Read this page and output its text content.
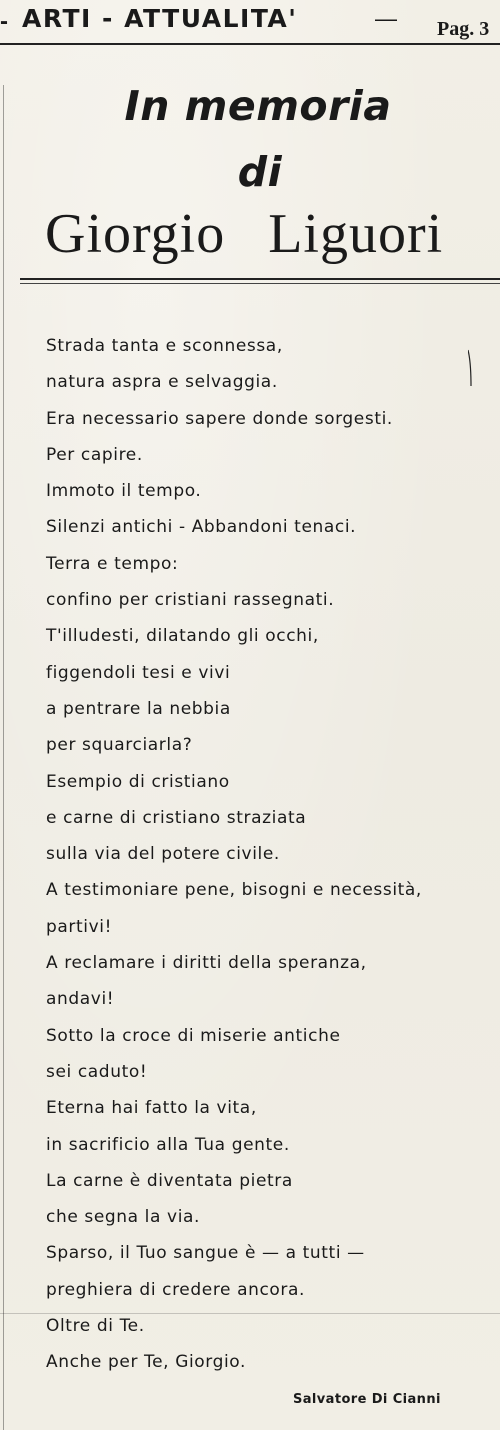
- ARTI - ATTUALITA'	— Pag. 3
In memoria
di
Giorgio Liguori
Strada tanta e sconnessa,
natura aspra e selvaggia.
Era necessario sapere donde sorgesti.
Per capire.
Immoto il tempo.
Silenzi antichi - Abbandoni tenaci.
Terra e tempo:
confino per cristiani rassegnati.
T'illudesti, dilatando gli occhi,
figgendoli tesi e vivi
a pentrare la nebbia
per squarciarla?
Esempio di cristiano
e carne di cristiano straziata
sulla via del potere civile.
A testimoniare pene, bisogni e necessità,
partivi!
A reclamare i diritti della speranza,
andavi!
Sotto la croce di miserie antiche
sei caduto!
Eterna hai fatto la vita,
in sacrificio alla Tua gente.
La carne è diventata pietra
che segna la via.
Sparso, il Tuo sangue è — a tutti —
preghiera di credere ancora.
Oltre di Te.
Anche per Te, Giorgio.
Salvatore Di Cianni
